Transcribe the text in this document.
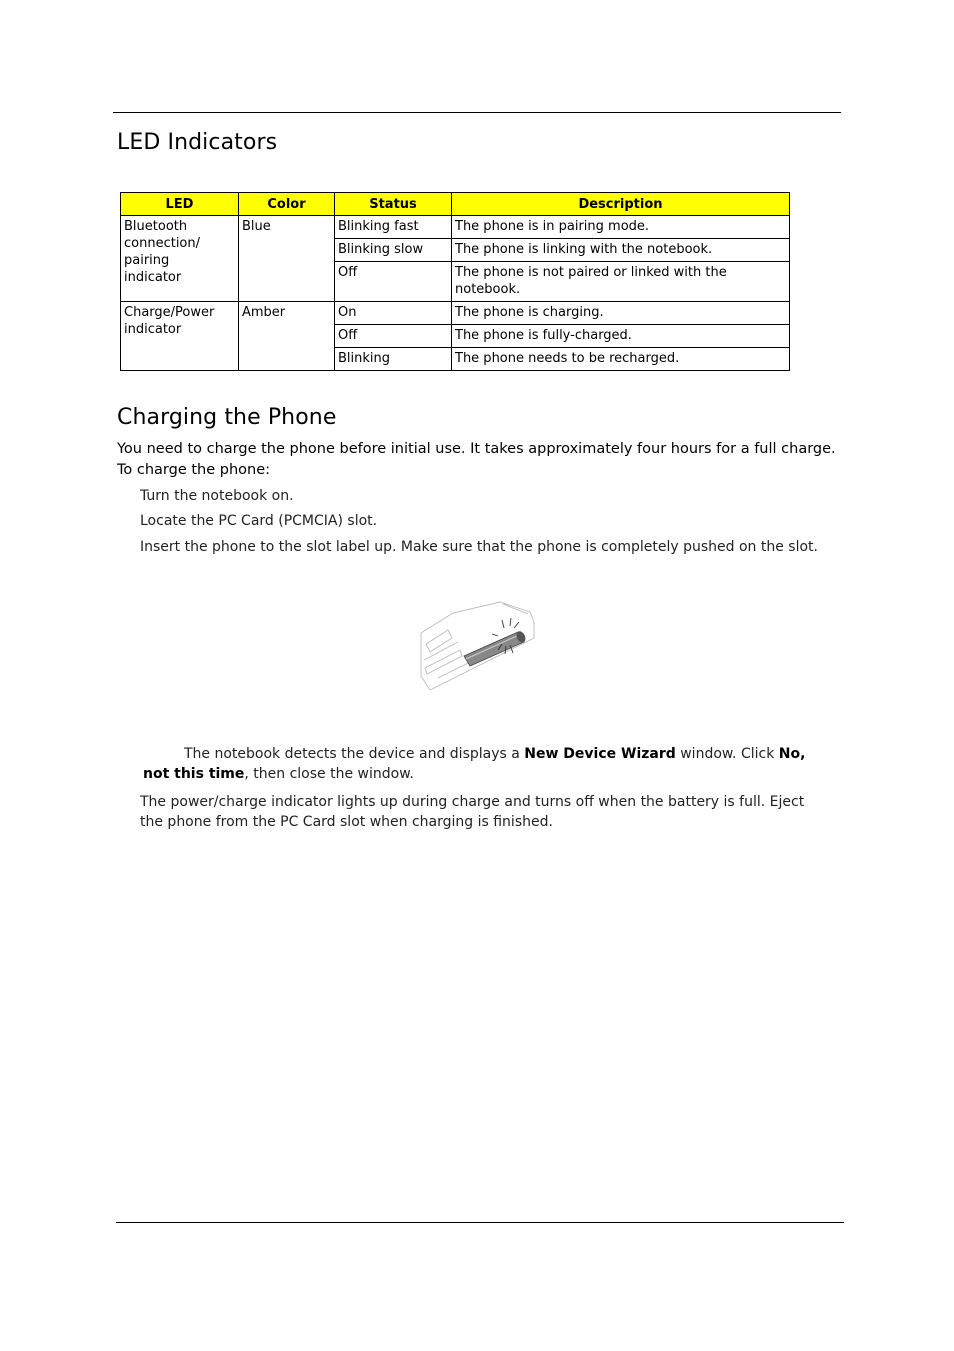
LED Indicators
LED	Color	Status	Description
Bluetooth connection/ pairing indicator	Blue	Blinking fast	The phone is in pairing mode.
		Blinking slow	The phone is linking with the notebook.
		Off	The phone is not paired or linked with the notebook.
Charge/Power indicator	Amber	On	The phone is charging.
		Off	The phone is fully-charged.
		Blinking	The phone needs to be recharged.
Charging the Phone

You need to charge the phone before initial use. It takes approximately four hours for a full charge. To charge the phone:

Turn the notebook on.
Locate the PC Card (PCMCIA) slot.
Insert the phone to the slot label up. Make sure that the phone is completely pushed on the slot.

The notebook detects the device and displays a New Device Wizard window. Click No, not this time, then close the window.

The power/charge indicator lights up during charge and turns off when the battery is full. Eject the phone from the PC Card slot when charging is finished.
